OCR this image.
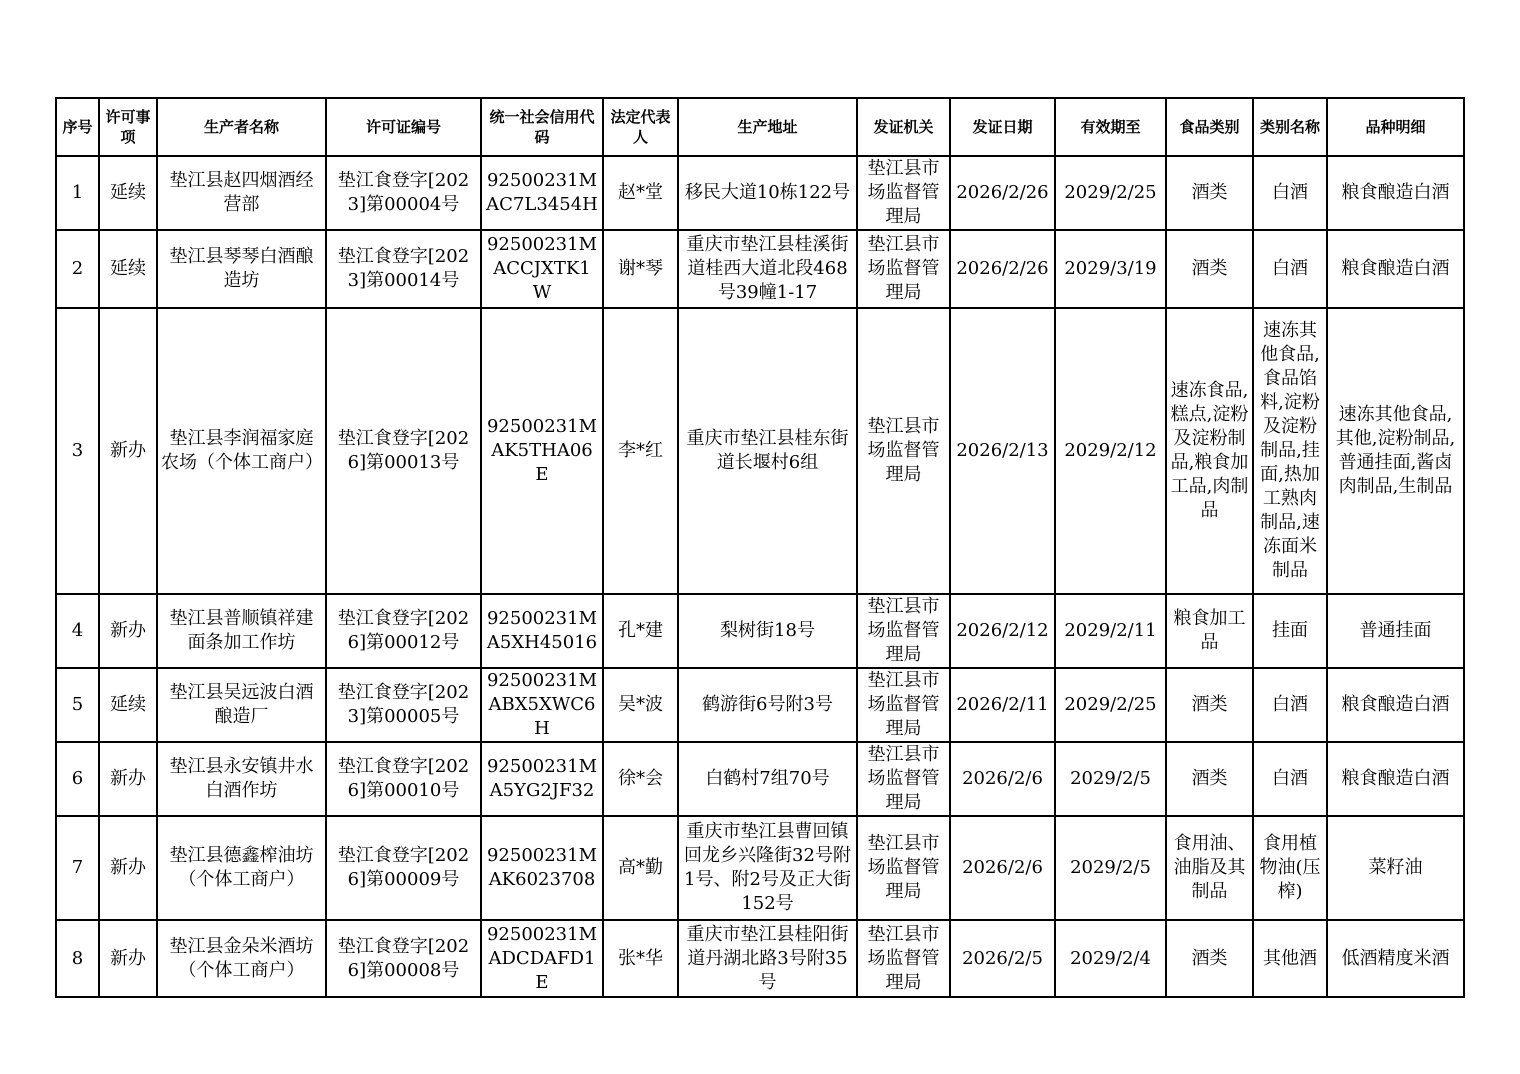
序号	许可事项	生产者名称	许可证编号	统一社会信用代码	法定代表人	生产地址	发证机关	发证日期	有效期至	食品类别	类别名称	品种明细
1	延续	垫江县赵四烟酒经营部	垫江食登字[2023]第00004号	92500231MAC7L3454H	赵*堂	移民大道10栋122号	垫江县市场监督管理局	2026/2/26	2029/2/25	酒类	白酒	粮食酿造白酒
2	延续	垫江县琴琴白酒酿造坊	垫江食登字[2023]第00014号	92500231MACCJXTK1W	谢*琴	重庆市垫江县桂溪街道桂西大道北段468号39幢1-17	垫江县市场监督管理局	2026/2/26	2029/3/19	酒类	白酒	粮食酿造白酒
3	新办	垫江县李润福家庭农场（个体工商户）	垫江食登字[2026]第00013号	92500231MAK5THA06E	李*红	重庆市垫江县桂东街道长堰村6组	垫江县市场监督管理局	2026/2/13	2029/2/12	速冻食品,糕点,淀粉及淀粉制品,粮食加工品,肉制品	速冻其他食品,食品馅料,淀粉及淀粉制品,挂面,热加工熟肉制品,速冻面米制品	速冻其他食品,其他,淀粉制品,普通挂面,酱卤肉制品,生制品
4	新办	垫江县普顺镇祥建面条加工作坊	垫江食登字[2026]第00012号	92500231MA5XH45016	孔*建	梨树街18号	垫江县市场监督管理局	2026/2/12	2029/2/11	粮食加工品	挂面	普通挂面
5	延续	垫江县吴远波白酒酿造厂	垫江食登字[2023]第00005号	92500231MABX5XWC6H	吴*波	鹤游街6号附3号	垫江县市场监督管理局	2026/2/11	2029/2/25	酒类	白酒	粮食酿造白酒
6	新办	垫江县永安镇井水白酒作坊	垫江食登字[2026]第00010号	92500231MA5YG2JF32	徐*会	白鹤村7组70号	垫江县市场监督管理局	2026/2/6	2029/2/5	酒类	白酒	粮食酿造白酒
7	新办	垫江县德鑫榨油坊（个体工商户）	垫江食登字[2026]第00009号	92500231MAK6023708	高*勤	重庆市垫江县曹回镇回龙乡兴隆街32号附1号、附2号及正大街152号	垫江县市场监督管理局	2026/2/6	2029/2/5	食用油、油脂及其制品	食用植物油(压榨)	菜籽油
8	新办	垫江县金朵米酒坊（个体工商户）	垫江食登字[2026]第00008号	92500231MADCDAFD1E	张*华	重庆市垫江县桂阳街道丹湖北路3号附35号	垫江县市场监督管理局	2026/2/5	2029/2/4	酒类	其他酒	低酒精度米酒
